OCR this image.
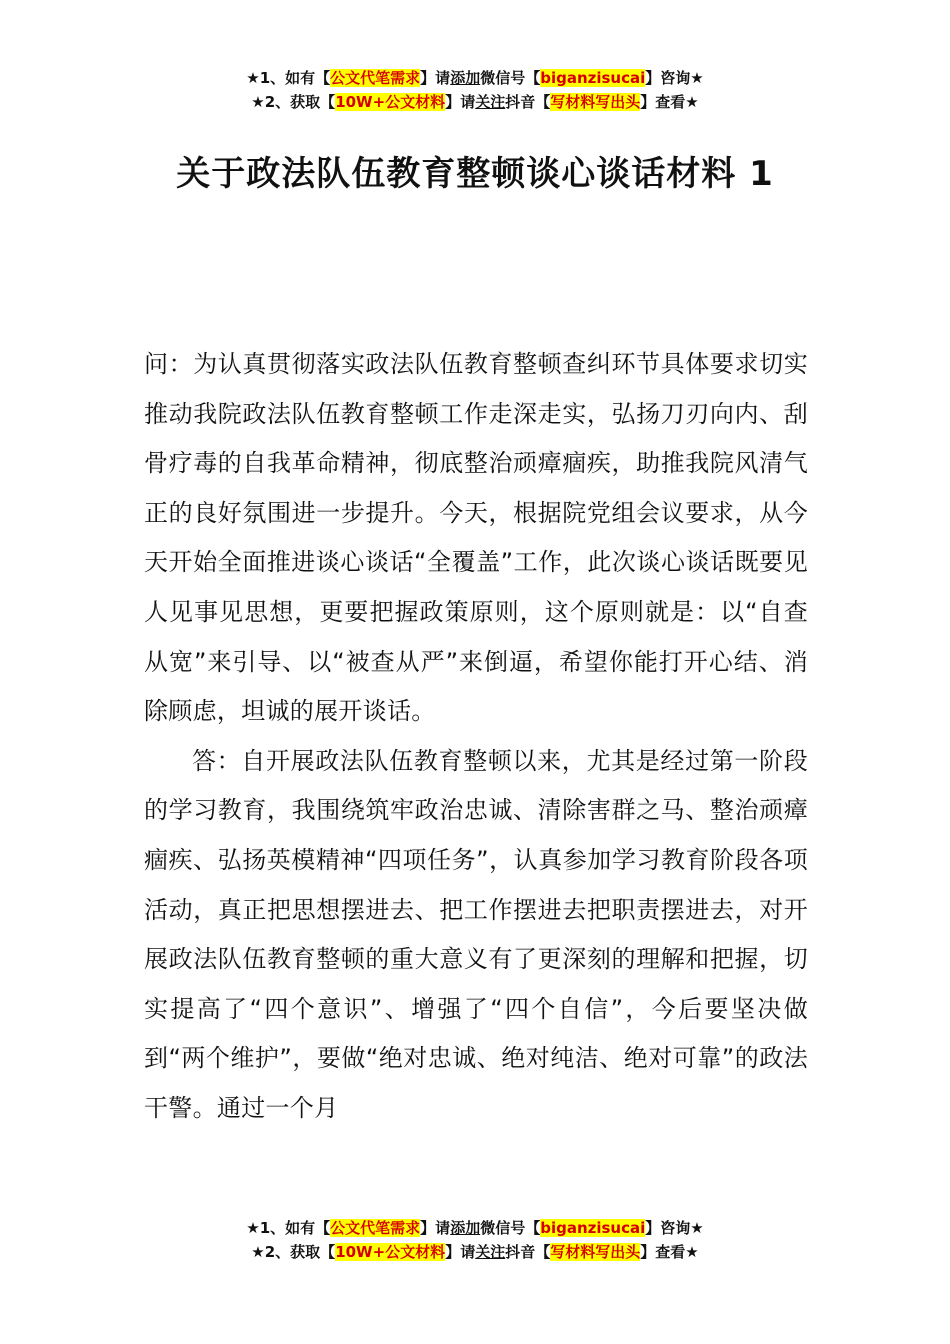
★1、如有【公文代笔需求】请添加微信号【biganzisucai】咨询★
★2、获取【10W+公文材料】请关注抖音【写材料写出头】查看★
关于政法队伍教育整顿谈心谈话材料 1

问：为认真贯彻落实政法队伍教育整顿查纠环节具体要求切实推动我院政法队伍教育整顿工作走深走实，弘扬刀刃向内、刮骨疗毒的自我革命精神，彻底整治顽瘴痼疾，助推我院风清气正的良好氛围进一步提升。今天，根据院党组会议要求，从今天开始全面推进谈心谈话“全覆盖”工作，此次谈心谈话既要见人见事见思想，更要把握政策原则，这个原则就是：以“自查从宽”来引导、以“被查从严”来倒逼，希望你能打开心结、消除顾虑，坦诚的展开谈话。

答：自开展政法队伍教育整顿以来，尤其是经过第一阶段的学习教育，我围绕筑牢政治忠诚、清除害群之马、整治顽瘴痼疾、弘扬英模精神“四项任务”，认真参加学习教育阶段各项活动，真正把思想摆进去、把工作摆进去把职责摆进去，对开展政法队伍教育整顿的重大意义有了更深刻的理解和把握，切实提高了“四个意识”、增强了“四个自信”，今后要坚决做到“两个维护”，要做“绝对忠诚、绝对纯洁、绝对可靠”的政法干警。通过一个月

★1、如有【公文代笔需求】请添加微信号【biganzisucai】咨询★
★2、获取【10W+公文材料】请关注抖音【写材料写出头】查看★
